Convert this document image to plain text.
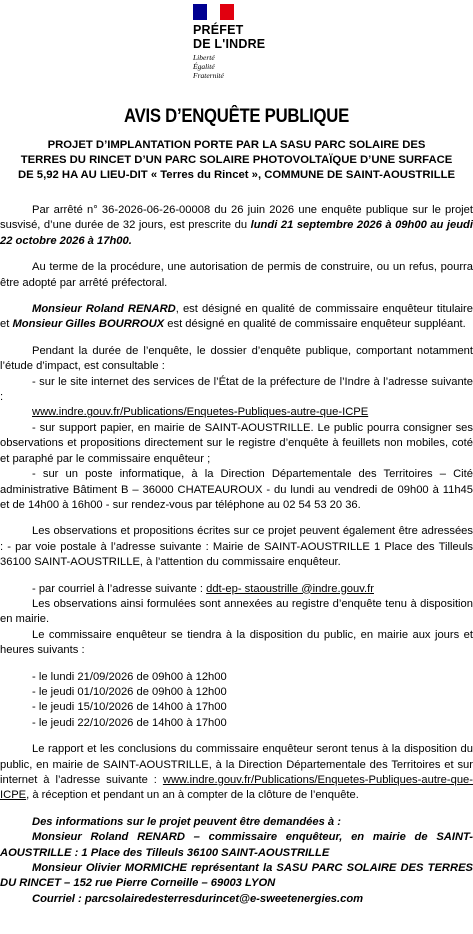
PRÉFET
DE L'INDRE
Liberté
Égalité
Fraternité
AVIS D’ENQUÊTE PUBLIQUE
PROJET D’IMPLANTATION PORTE PAR LA SASU PARC SOLAIRE DES
TERRES DU RINCET D’UN PARC SOLAIRE PHOTOVOLTAÏQUE D’UNE SURFACE
DE 5,92 HA AU LIEU-DIT « Terres du Rincet », COMMUNE DE SAINT-AOUSTRILLE

Par arrêté n° 36-2026-06-26-00008 du 26 juin 2026 une enquête publique sur le projet susvisé, d’une durée de 32 jours, est prescrite du lundi 21 septembre 2026 à 09h00 au jeudi 22 octobre 2026 à 17h00.

Au terme de la procédure, une autorisation de permis de construire, ou un refus, pourra être adopté par arrêté préfectoral.

Monsieur Roland RENARD, est désigné en qualité de commissaire enquêteur titulaire et Monsieur Gilles BOURROUX est désigné en qualité de commissaire enquêteur suppléant.

Pendant la durée de l’enquête, le dossier d’enquête publique, comportant notamment l’étude d’impact, est consultable :

- sur le site internet des services de l’État de la préfecture de l’Indre à l’adresse suivante :

www.indre.gouv.fr/Publications/Enquetes-Publiques-autre-que-ICPE

- sur support papier, en mairie de SAINT-AOUSTRILLE. Le public pourra consigner ses observations et propositions directement sur le registre d’enquête à feuillets non mobiles, coté et paraphé par le commissaire enquêteur ;

- sur un poste informatique, à la Direction Départementale des Territoires – Cité administrative Bâtiment B – 36000 CHATEAUROUX - du lundi au vendredi de 09h00 à 11h45 et de 14h00 à 16h00 - sur rendez-vous par téléphone au 02 54 53 20 36.

Les observations et propositions écrites sur ce projet peuvent également être adressées : - par voie postale à l’adresse suivante : Mairie de SAINT-AOUSTRILLE 1 Place des Tilleuls 36100 SAINT-AOUSTRILLE, à l’attention du commissaire enquêteur.

- par courriel à l’adresse suivante : ddt-ep- staoustrille @indre.gouv.fr

Les observations ainsi formulées sont annexées au registre d’enquête tenu à disposition en mairie.

Le commissaire enquêteur se tiendra à la disposition du public, en mairie aux jours et heures suivants :

- le lundi 21/09/2026 de 09h00 à 12h00

- le jeudi 01/10/2026 de 09h00 à 12h00

- le jeudi 15/10/2026 de 14h00 à 17h00

- le jeudi 22/10/2026 de 14h00 à 17h00

Le rapport et les conclusions du commissaire enquêteur seront tenus à la disposition du public, en mairie de SAINT-AOUSTRILLE, à la Direction Départementale des Territoires et sur internet à l’adresse suivante : www.indre.gouv.fr/Publications/Enquetes-Publiques-autre-que-ICPE, à réception et pendant un an à compter de la clôture de l’enquête.

Des informations sur le projet peuvent être demandées à :

Monsieur Roland RENARD – commissaire enquêteur, en mairie de SAINT-AOUSTRILLE : 1 Place des Tilleuls 36100 SAINT-AOUSTRILLE

Monsieur Olivier MORMICHE représentant la SASU PARC SOLAIRE DES TERRES DU RINCET – 152 rue Pierre Corneille – 69003 LYON

Courriel : parcsolairedesterresdurincet@e-sweetenergies.com
